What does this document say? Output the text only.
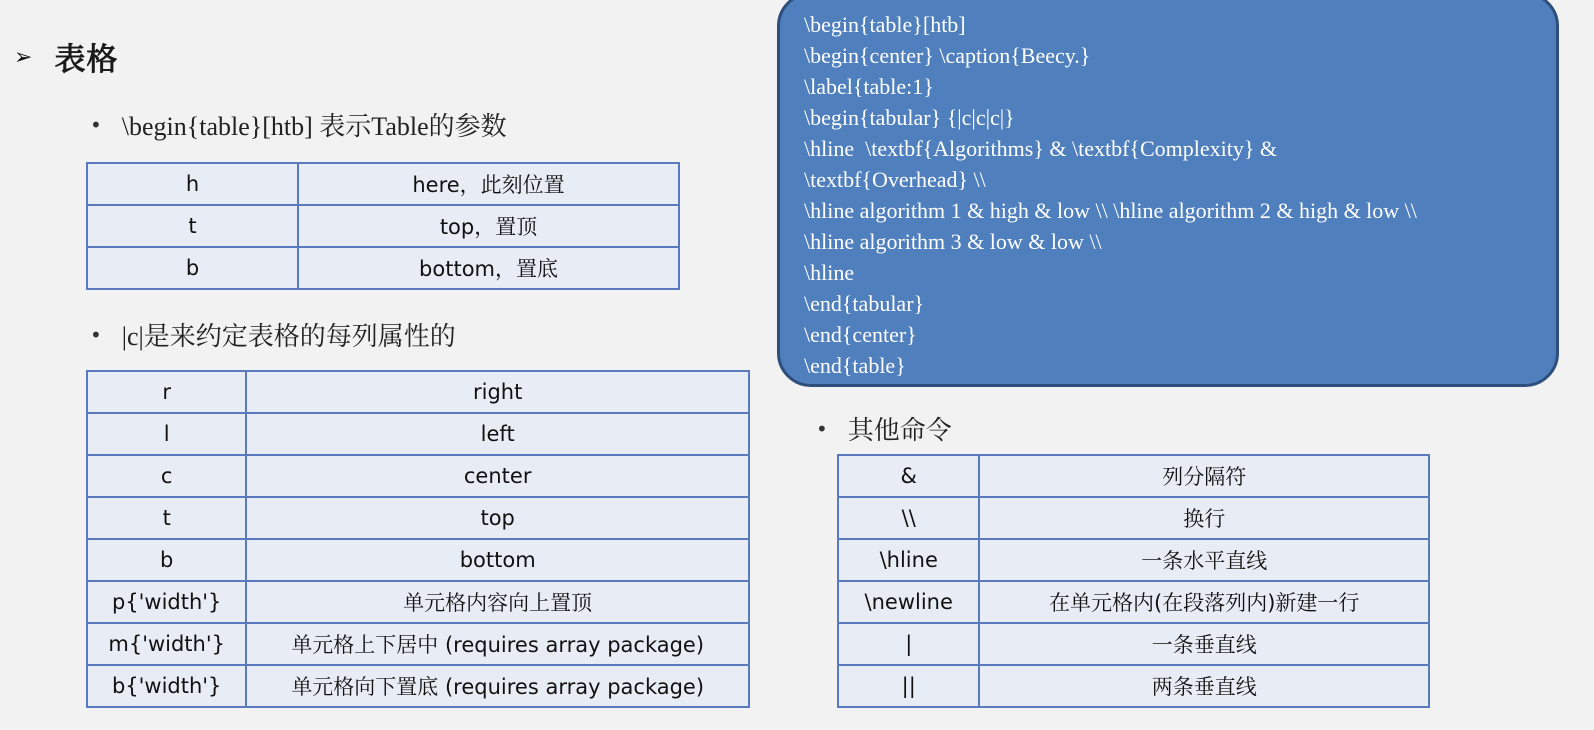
➢ 表格
• \begin{table}[htb] 表示Table的参数
h	here，此刻位置
t	top，置顶
b	bottom，置底
• |c|是来约定表格的每列属性的
r	right
l	left
c	center
t	top
b	bottom
p{'width'}	单元格内容向上置顶
m{'width'}	单元格上下居中 (requires array package)
b{'width'}	单元格向下置底 (requires array package)
\begin{table}[htb]
\begin{center} \caption{Beecy.}
\label{table:1}
\begin{tabular} {|c|c|c|}
\hline  \textbf{Algorithms} & \textbf{Complexity} &
\textbf{Overhead} \\
\hline algorithm 1 & high & low \\ \hline algorithm 2 & high & low \\
\hline algorithm 3 & low & low \\
\hline
\end{tabular}
\end{center}
\end{table}
• 其他命令
&	列分隔符
\\	换行
\hline	一条水平直线
\newline	在单元格内(在段落列内)新建一行
|	一条垂直线
||	两条垂直线
